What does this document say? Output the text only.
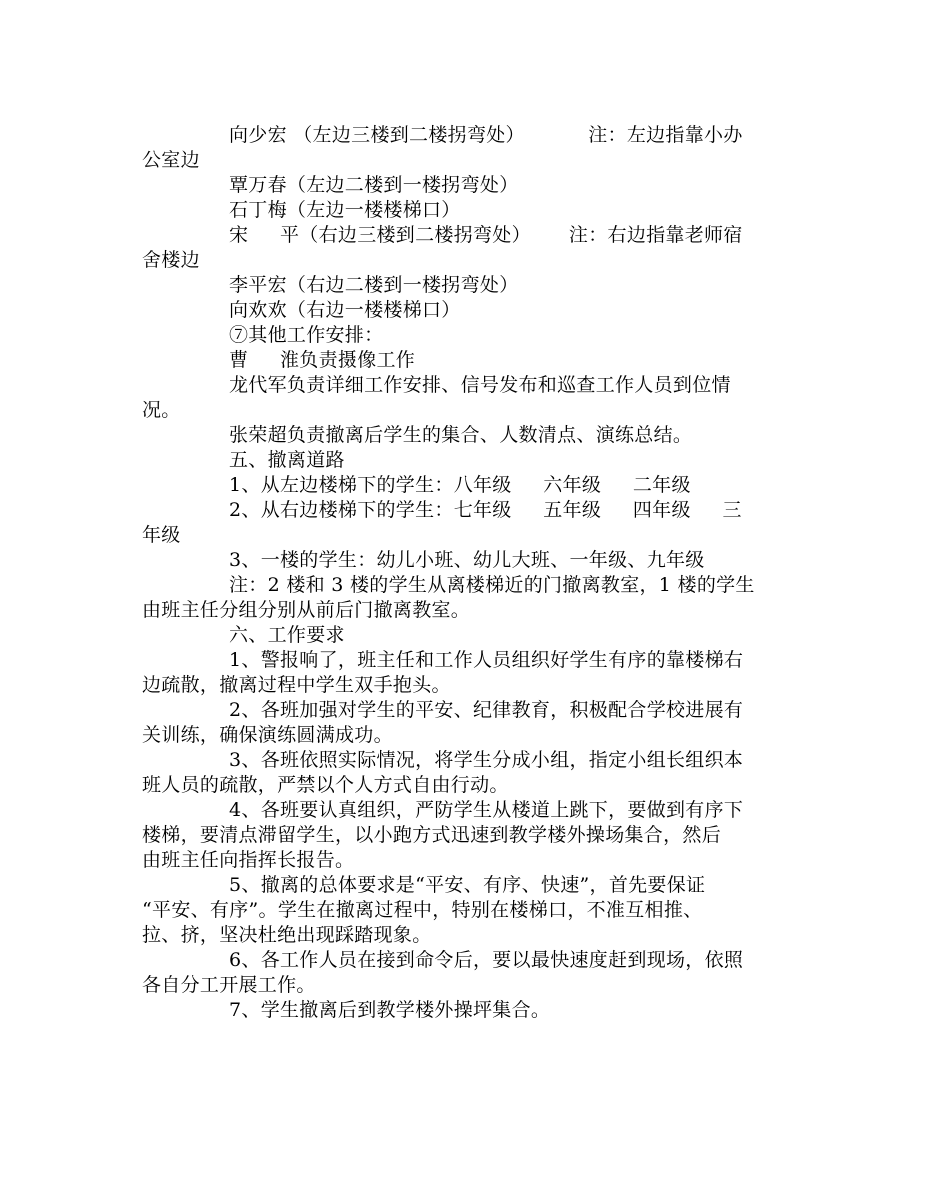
向少宏 （左边三楼到二楼拐弯处）          注：左边指靠小办

公室边

覃万春（左边二楼到一楼拐弯处）

石丁梅（左边一楼楼梯口）

宋     平（右边三楼到二楼拐弯处）      注：右边指靠老师宿

舍楼边

李平宏（右边二楼到一楼拐弯处）

向欢欢（右边一楼楼梯口）

⑦其他工作安排：

曹     淮负责摄像工作

龙代军负责详细工作安排、信号发布和巡查工作人员到位情

况。

张荣超负责撤离后学生的集合、人数清点、演练总结。

五、撤离道路

1、从左边楼梯下的学生：八年级     六年级     二年级

2、从右边楼梯下的学生：七年级     五年级     四年级     三

年级

3、一楼的学生：幼儿小班、幼儿大班、一年级、九年级

注：2 楼和 3 楼的学生从离楼梯近的门撤离教室，1 楼的学生

由班主任分组分别从前后门撤离教室。

六、工作要求

1、警报响了，班主任和工作人员组织好学生有序的靠楼梯右

边疏散，撤离过程中学生双手抱头。

2、各班加强对学生的平安、纪律教育，积极配合学校进展有

关训练，确保演练圆满成功。

3、各班依照实际情况，将学生分成小组，指定小组长组织本

班人员的疏散，严禁以个人方式自由行动。

4、各班要认真组织，严防学生从楼道上跳下，要做到有序下

楼梯，要清点滞留学生，以小跑方式迅速到教学楼外操场集合，然后

由班主任向指挥长报告。

5、撤离的总体要求是“平安、有序、快速”，首先要保证

“平安、有序”。学生在撤离过程中，特别在楼梯口，不准互相推、

拉、挤，坚决杜绝出现踩踏现象。

6、各工作人员在接到命令后，要以最快速度赶到现场，依照

各自分工开展工作。

7、学生撤离后到教学楼外操坪集合。
